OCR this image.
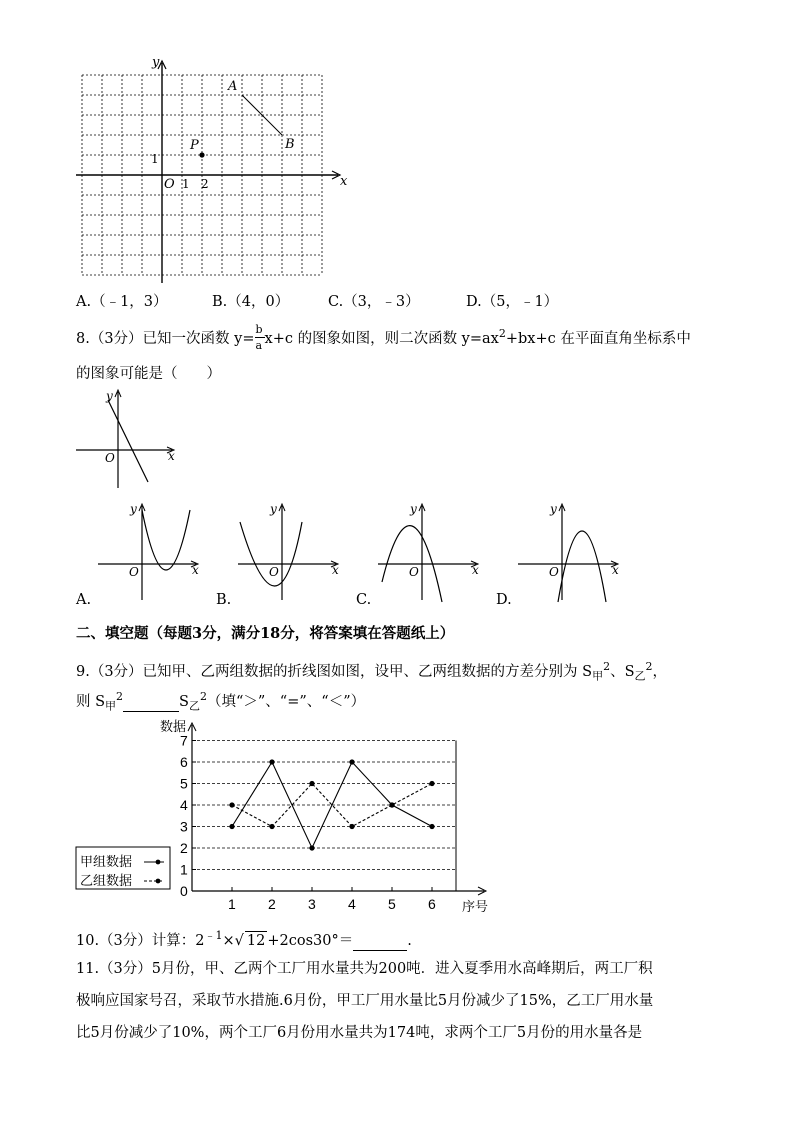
x
y
O 1 2
1
A
B
P
A.（﹣1，3）	B.（4，0）	C.（3，﹣3）	D.（5，﹣1）
8.（3分）已知一次函数 $y= \frac{b}{a} x+c$ 的图象如图，则二次函数 $y=ax^2+bx+c$ 在平面直角坐标系中
的图象可能是（　　）
y
x
O
y
x
O
y
x
O
y
x
O
y
x
O
A.	B.	C.	D.
二、填空题（每题3分，满分18分，将答案填在答题纸上）
9.（3分）已知甲、乙两组数据的折线图如图，设甲、乙两组数据的方差分别为 $S_甲^2$、$S_乙^2$，
则 $S_甲^2$	$S_乙^2$（填“＞”、“=”、“＜”）
0
1
2
3
4
5
6
7
1 2 3 4 5 6
数据
序号
甲组数据
乙组数据
10.（3分）计算：$2^{﹣1}\times√$ 12 +2cos30°＝	.
11.（3分）5月份，甲、乙两个工厂用水量共为200吨．进入夏季用水高峰期后，两工厂积
极响应国家号召，采取节水措施.6月份，甲工厂用水量比5月份减少了15%，乙工厂用水量
比5月份减少了10%，两个工厂6月份用水量共为174吨，求两个工厂5月份的用水量各是
